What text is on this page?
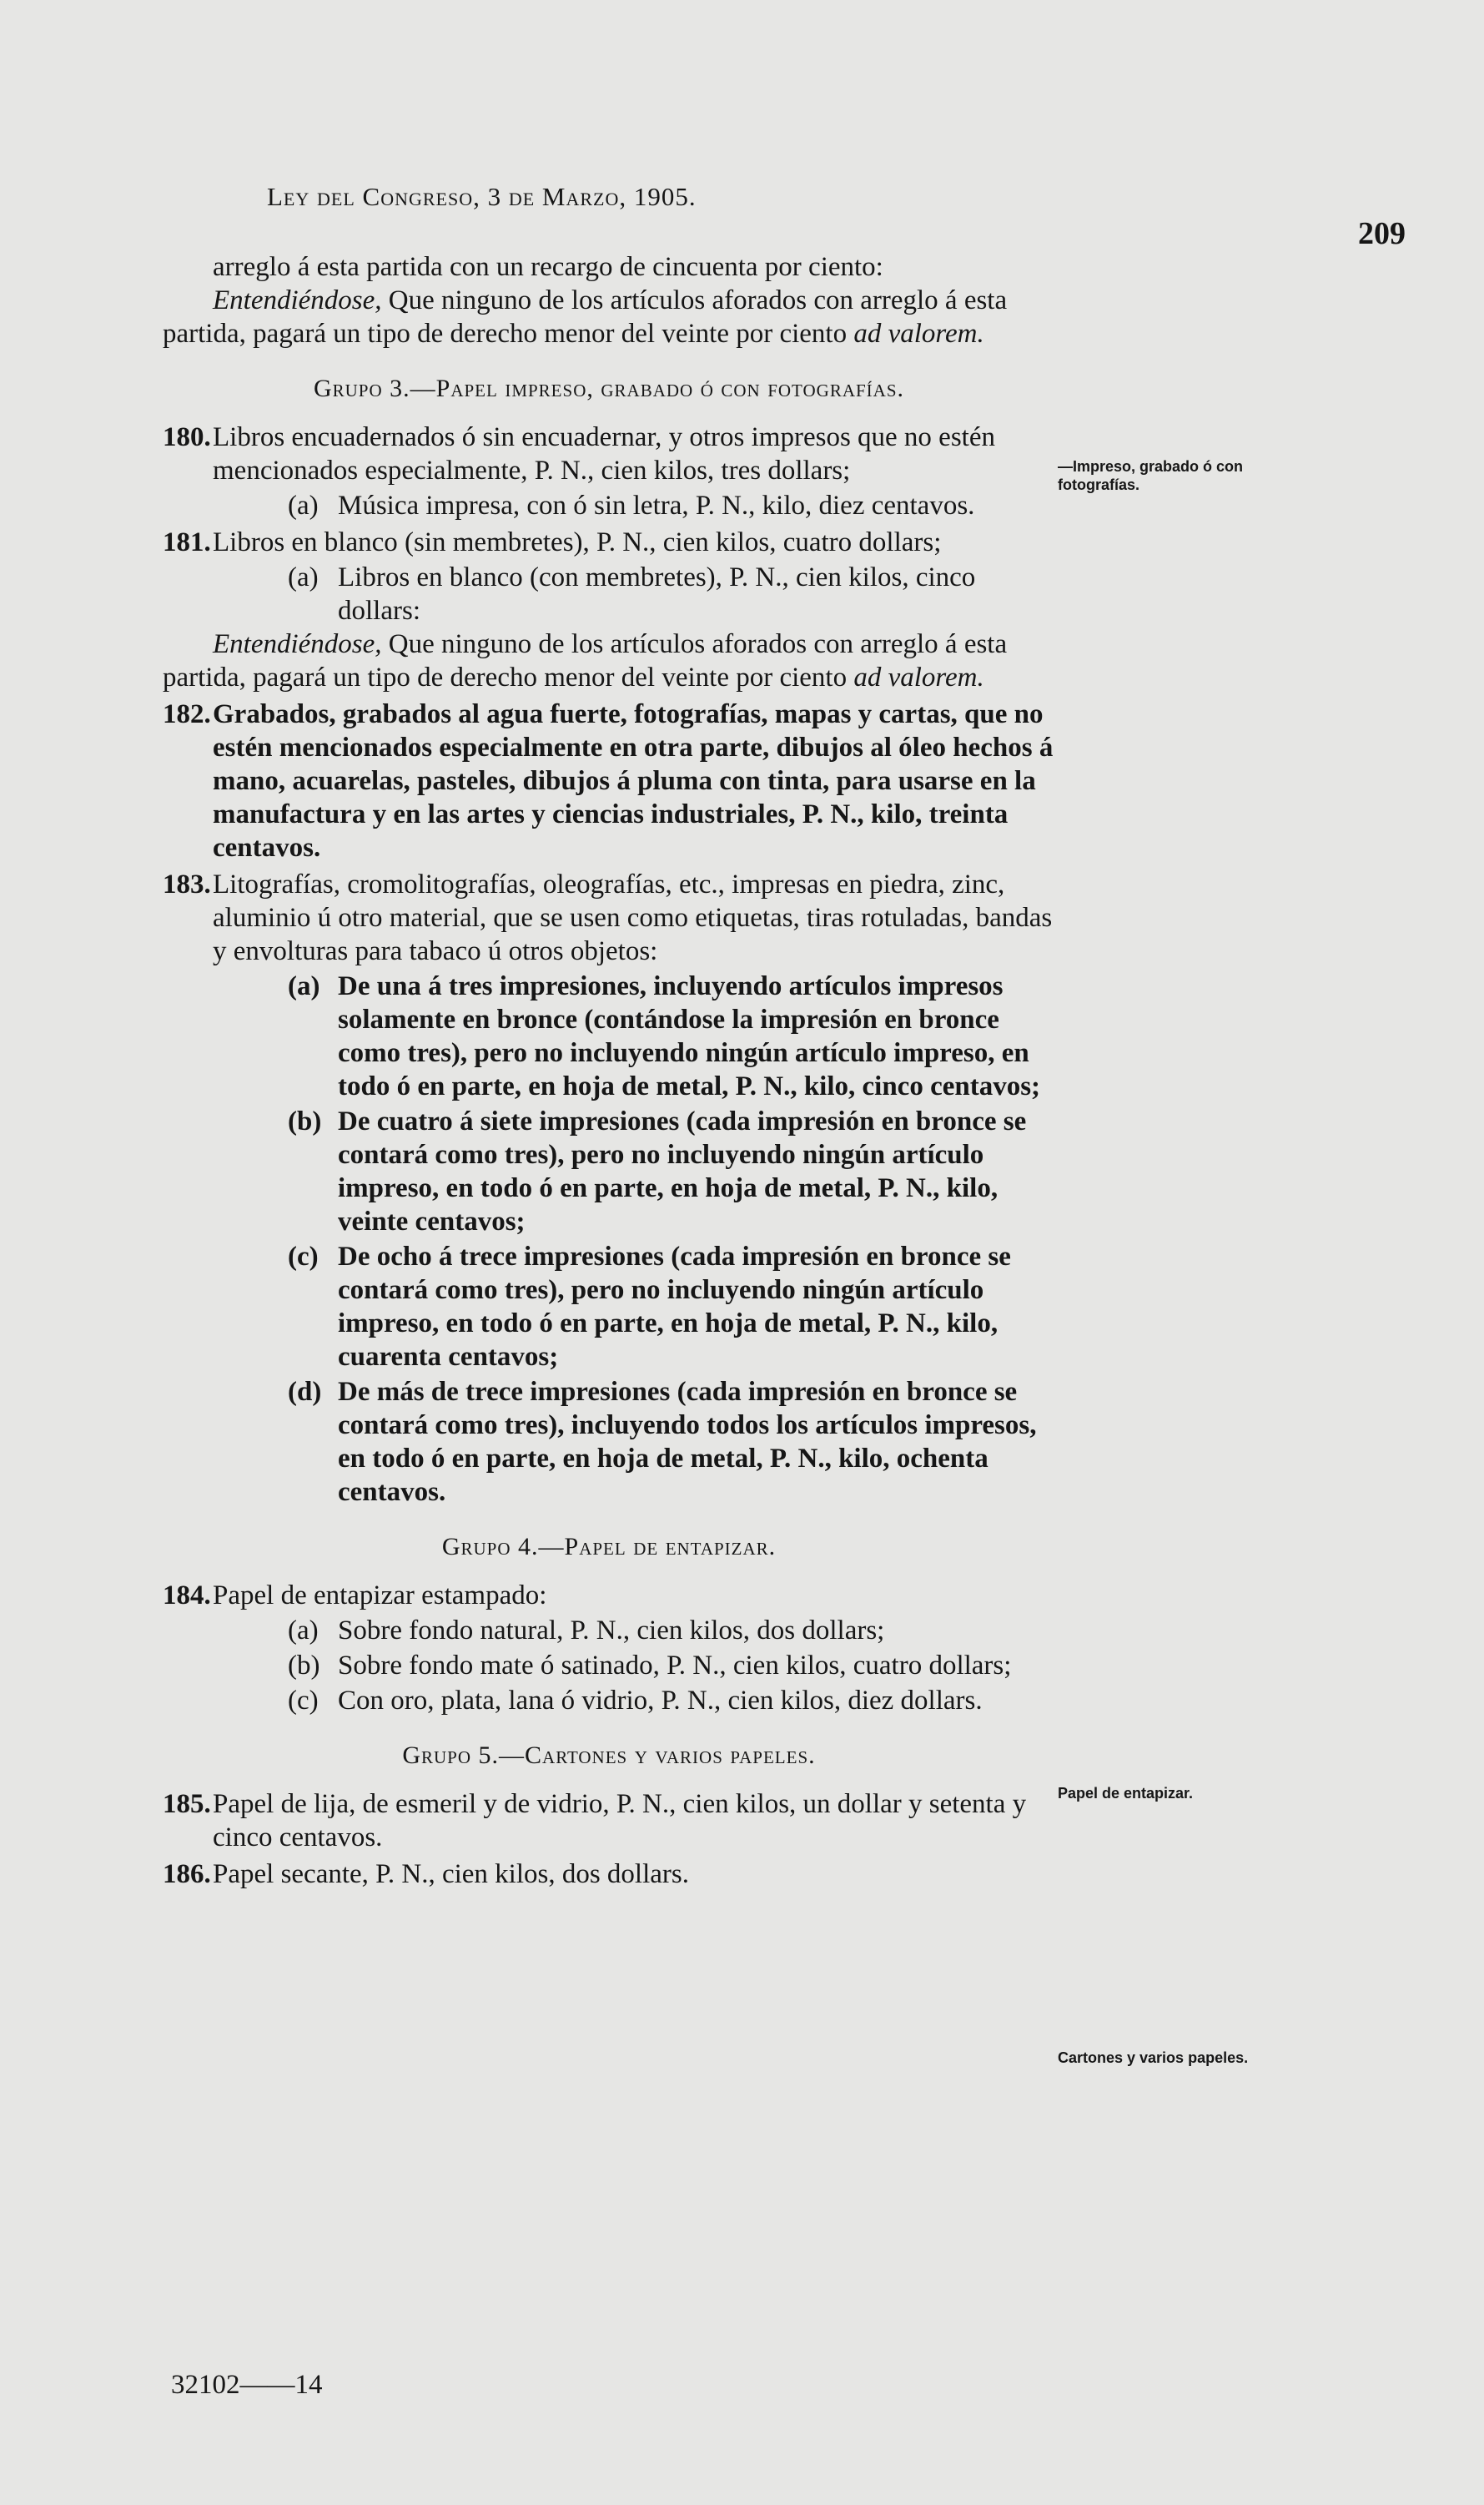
Ley del Congreso, 3 de Marzo, 1905.
209
—Impreso, grabado ó con fotografías.
Papel de entapizar.
Cartones y varios papeles.

arreglo á esta partida con un recargo de cincuenta por ciento:

Entendiéndose, Que ninguno de los artículos aforados con arreglo á esta partida, pagará un tipo de derecho menor del veinte por ciento ad valorem.

Grupo 3.—Papel impreso, grabado ó con fotografías.

180.Libros encuadernados ó sin encuadernar, y otros impresos que no estén mencionados especialmente, P. N., cien kilos, tres dollars;

(a) Música impresa, con ó sin letra, P. N., kilo, diez centavos.

181.Libros en blanco (sin membretes), P. N., cien kilos, cuatro dollars;

(a) Libros en blanco (con membretes), P. N., cien kilos, cinco dollars:

Entendiéndose, Que ninguno de los artículos aforados con arreglo á esta partida, pagará un tipo de derecho menor del veinte por ciento ad valorem.

182.Grabados, grabados al agua fuerte, fotografías, mapas y cartas, que no estén mencionados especialmente en otra parte, dibujos al óleo hechos á mano, acuarelas, pasteles, dibujos á pluma con tinta, para usarse en la manufactura y en las artes y ciencias industriales, P. N., kilo, treinta centavos.

183.Litografías, cromolitografías, oleografías, etc., impresas en piedra, zinc, aluminio ú otro material, que se usen como etiquetas, tiras rotuladas, bandas y envolturas para tabaco ú otros objetos:

(a) De una á tres impresiones, incluyendo artículos impresos solamente en bronce (contándose la impresión en bronce como tres), pero no incluyendo ningún artículo impreso, en todo ó en parte, en hoja de metal, P. N., kilo, cinco centavos;

(b) De cuatro á siete impresiones (cada impresión en bronce se contará como tres), pero no incluyendo ningún artículo impreso, en todo ó en parte, en hoja de metal, P. N., kilo, veinte centavos;

(c) De ocho á trece impresiones (cada impresión en bronce se contará como tres), pero no incluyendo ningún artículo impreso, en todo ó en parte, en hoja de metal, P. N., kilo, cuarenta centavos;

(d) De más de trece impresiones (cada impresión en bronce se contará como tres), incluyendo todos los artículos impresos, en todo ó en parte, en hoja de metal, P. N., kilo, ochenta centavos.

Grupo 4.—Papel de entapizar.

184.Papel de entapizar estampado:

(a) Sobre fondo natural, P. N., cien kilos, dos dollars;

(b) Sobre fondo mate ó satinado, P. N., cien kilos, cuatro dollars;

(c) Con oro, plata, lana ó vidrio, P. N., cien kilos, diez dollars.

Grupo 5.—Cartones y varios papeles.

185.Papel de lija, de esmeril y de vidrio, P. N., cien kilos, un dollar y setenta y cinco centavos.

186.Papel secante, P. N., cien kilos, dos dollars.

32102——14
